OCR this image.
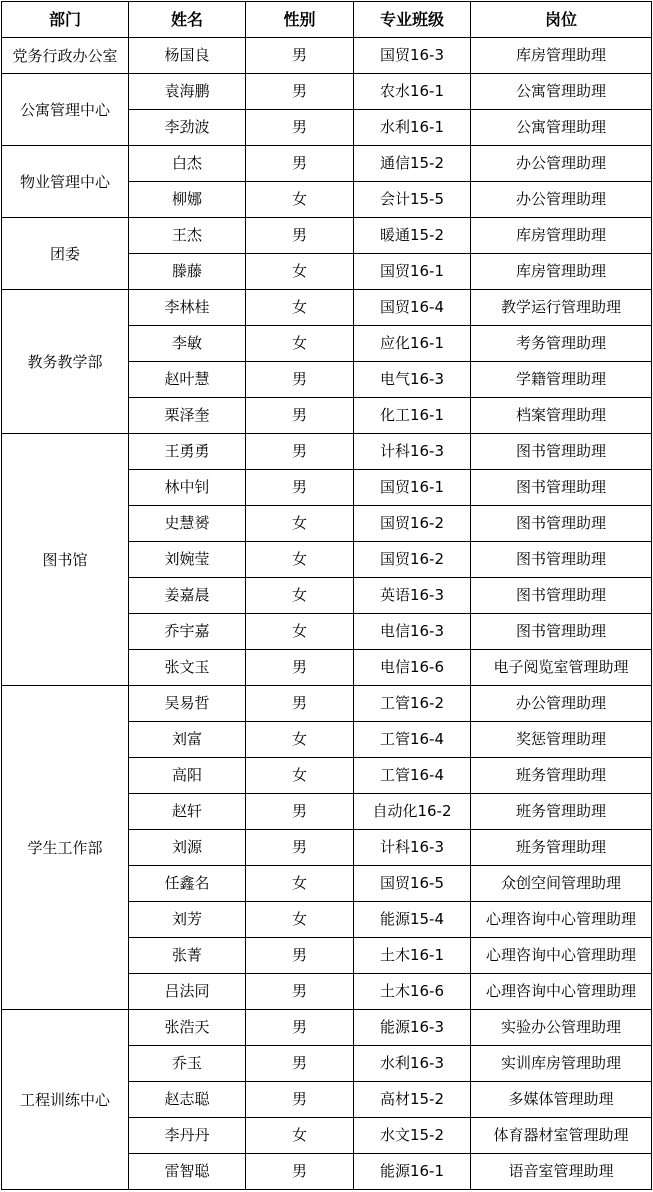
部门	姓名	性别	专业班级	岗位
党务行政办公室	杨国良	男	国贸16-3	库房管理助理
公寓管理中心	袁海鹏	男	农水16-1	公寓管理助理
	李劲波	男	水利16-1	公寓管理助理
物业管理中心	白杰	男	通信15-2	办公管理助理
	柳娜	女	会计15-5	办公管理助理
团委	王杰	男	暖通15-2	库房管理助理
	滕藤	女	国贸16-1	库房管理助理
教务教学部	李林桂	女	国贸16-4	教学运行管理助理
	李敏	女	应化16-1	考务管理助理
	赵叶慧	男	电气16-3	学籍管理助理
	栗泽奎	男	化工16-1	档案管理助理
图书馆	王勇勇	男	计科16-3	图书管理助理
	林中钊	男	国贸16-1	图书管理助理
	史慧赟	女	国贸16-2	图书管理助理
	刘婉莹	女	国贸16-2	图书管理助理
	姜嘉晨	女	英语16-3	图书管理助理
	乔宇嘉	女	电信16-3	图书管理助理
	张文玉	男	电信16-6	电子阅览室管理助理
学生工作部	吴易哲	男	工管16-2	办公管理助理
	刘富	女	工管16-4	奖惩管理助理
	高阳	女	工管16-4	班务管理助理
	赵轩	男	自动化16-2	班务管理助理
	刘源	男	计科16-3	班务管理助理
	任鑫名	女	国贸16-5	众创空间管理助理
	刘芳	女	能源15-4	心理咨询中心管理助理
	张菁	男	土木16-1	心理咨询中心管理助理
	吕法同	男	土木16-6	心理咨询中心管理助理
工程训练中心	张浩天	男	能源16-3	实验办公管理助理
	乔玉	男	水利16-3	实训库房管理助理
	赵志聪	男	高材15-2	多媒体管理助理
	李丹丹	女	水文15-2	体育器材室管理助理
	雷智聪	男	能源16-1	语音室管理助理
